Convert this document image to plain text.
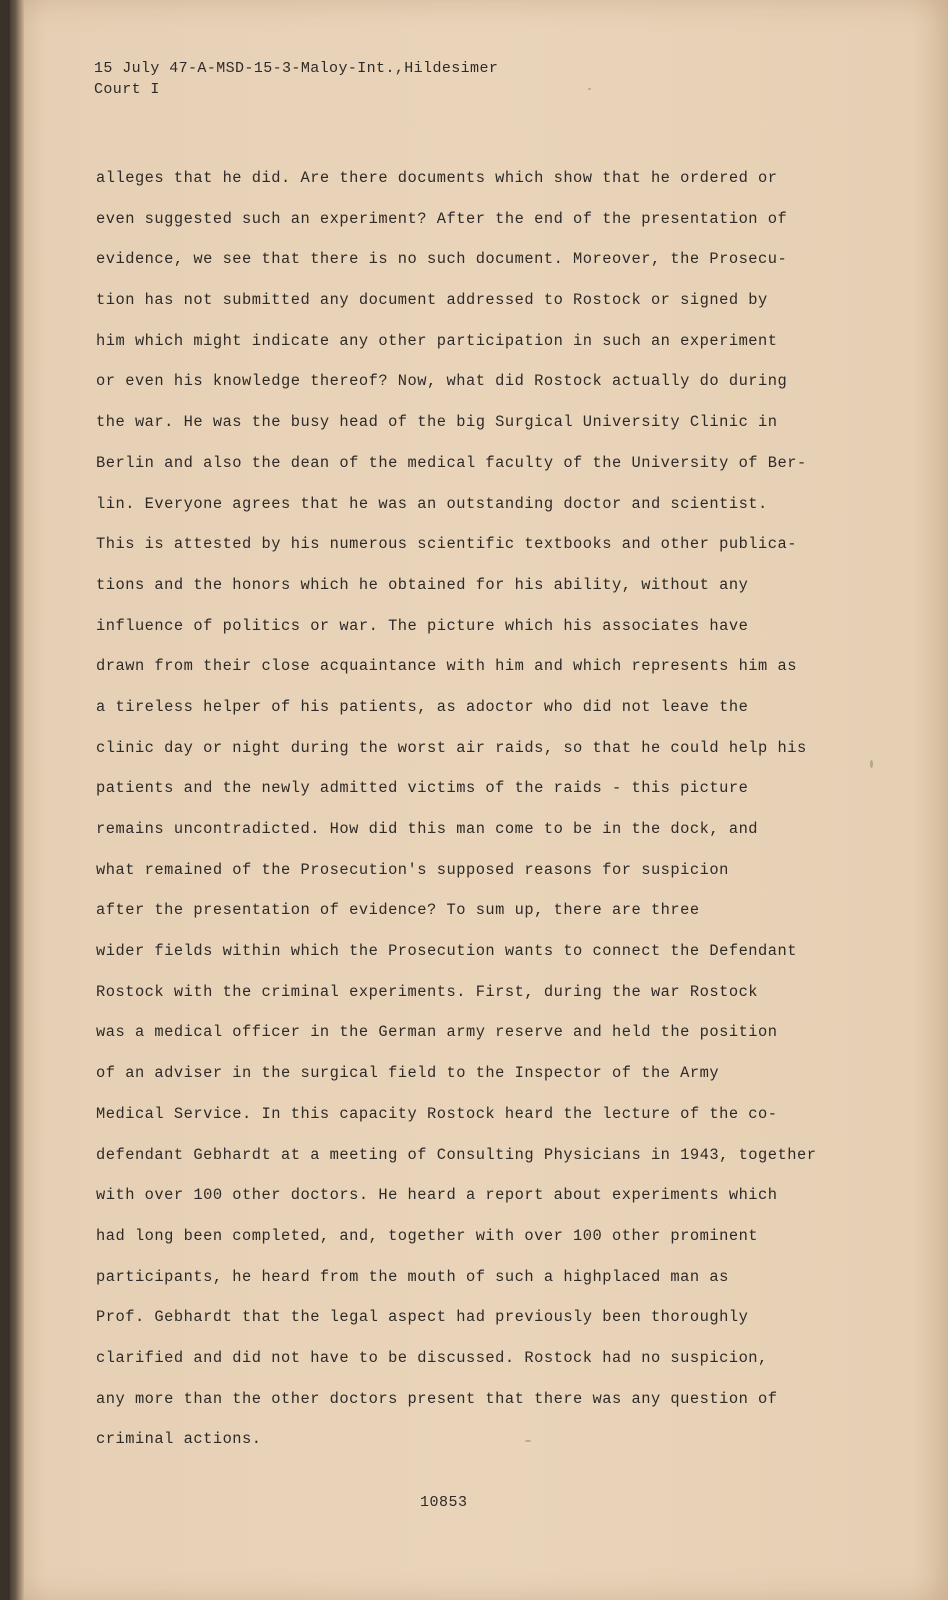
15 July 47-A-MSD-15-3-Maloy-Int.,Hildesimer
Court I
alleges that he did. Are there documents which show that he ordered or
even suggested such an experiment? After the end of the presentation of
evidence, we see that there is no such document. Moreover, the Prosecu-
tion has not submitted any document addressed to Rostock or signed by
him which might indicate any other participation in such an experiment
or even his knowledge thereof? Now, what did Rostock actually do during
the war. He was the busy head of the big Surgical University Clinic in
Berlin and also the dean of the medical faculty of the University of Ber-
lin. Everyone agrees that he was an outstanding doctor and scientist.
This is attested by his numerous scientific textbooks and other publica-
tions and the honors which he obtained for his ability, without any
influence of politics or war. The picture which his associates have
drawn from their close acquaintance with him and which represents him as
a tireless helper of his patients, as adoctor who did not leave the
clinic day or night during the worst air raids, so that he could help his
patients and the newly admitted victims of the raids - this picture
remains uncontradicted. How did this man come to be in the dock, and
what remained of the Prosecution's supposed reasons for suspicion
after the presentation of evidence? To sum up, there are three
wider fields within which the Prosecution wants to connect the Defendant
Rostock with the criminal experiments. First, during the war Rostock
was a medical officer in the German army reserve and held the position
of an adviser in the surgical field to the Inspector of the Army
Medical Service. In this capacity Rostock heard the lecture of the co-
defendant Gebhardt at a meeting of Consulting Physicians in 1943, together
with over 100 other doctors. He heard a report about experiments which
had long been completed, and, together with over 100 other prominent
participants, he heard from the mouth of such a highplaced man as
Prof. Gebhardt that the legal aspect had previously been thoroughly
clarified and did not have to be discussed. Rostock had no suspicion,
any more than the other doctors present that there was any question of
criminal actions.
10853
